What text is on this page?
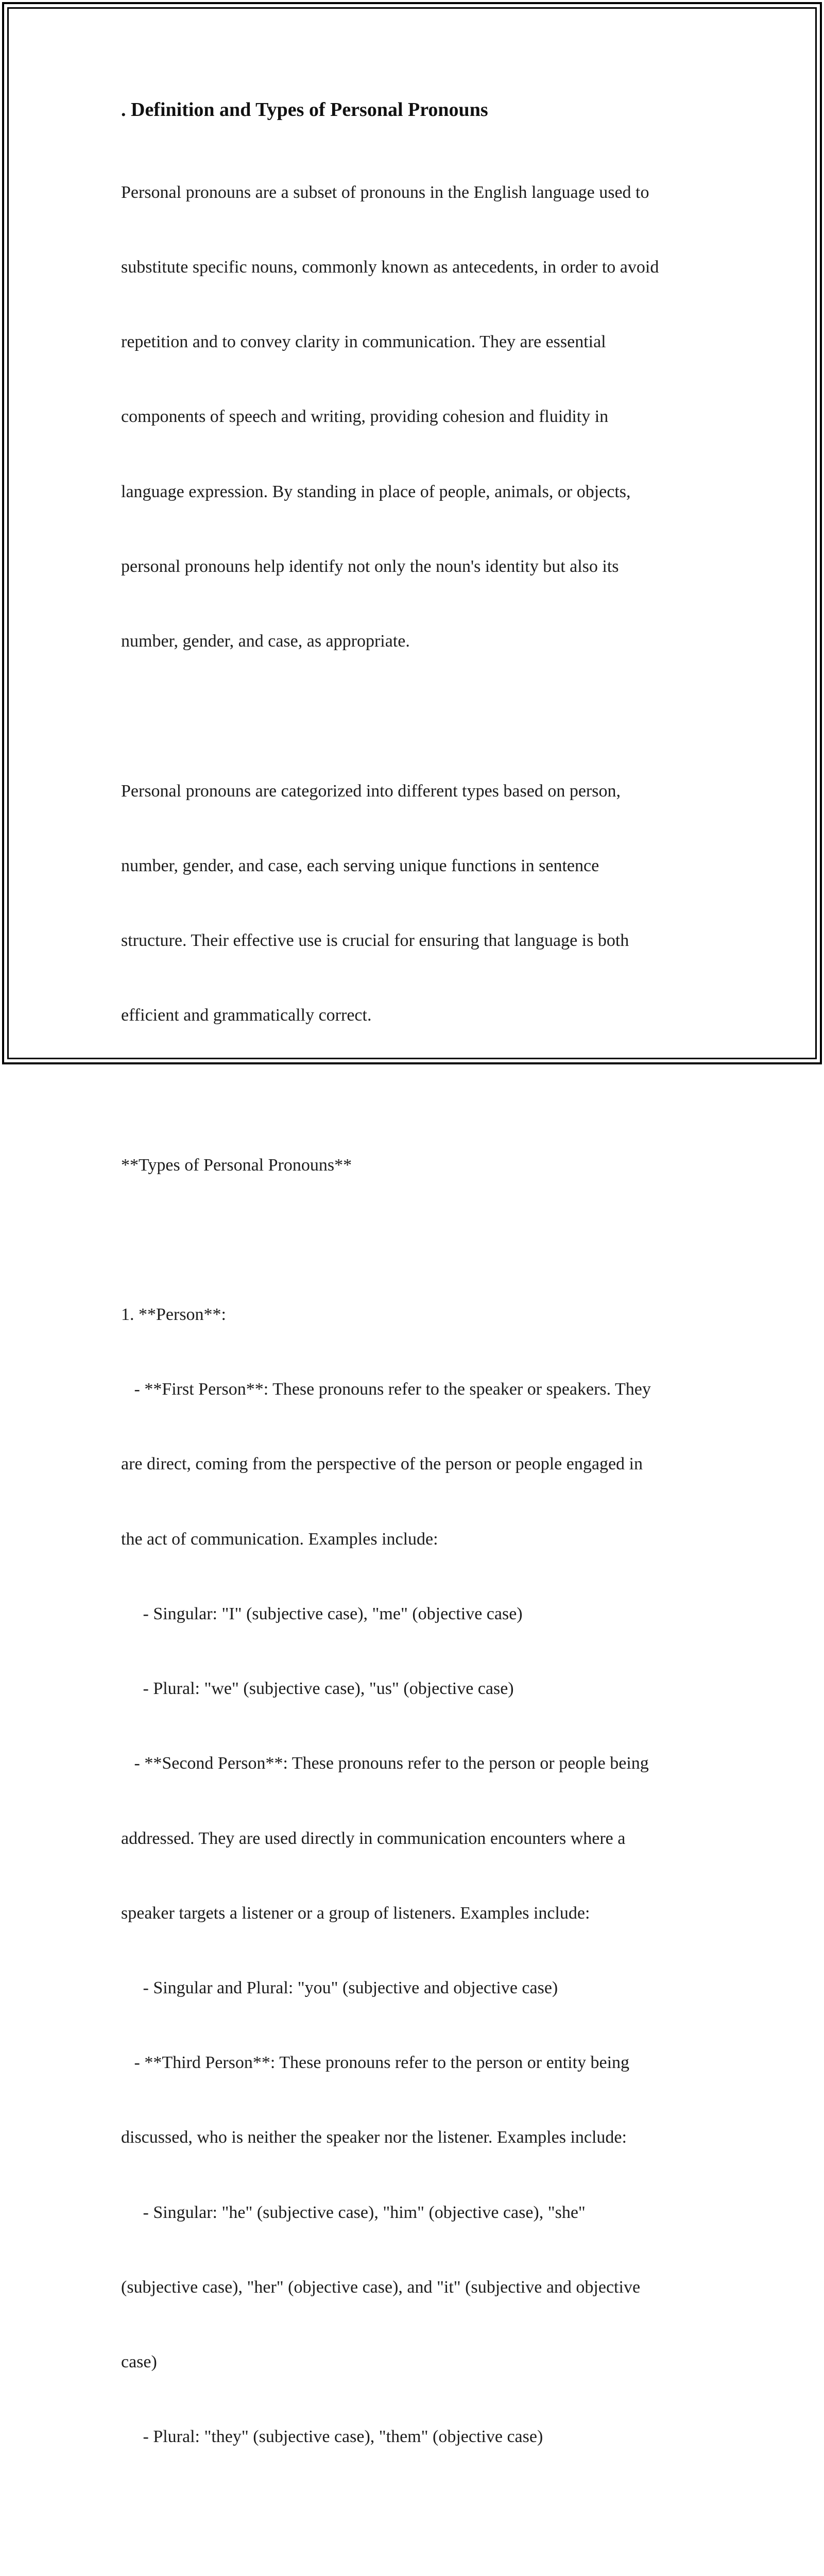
. Definition and Types of Personal Pronouns

Personal pronouns are a subset of pronouns in the English language used to

substitute specific nouns, commonly known as antecedents, in order to avoid

repetition and to convey clarity in communication. They are essential

components of speech and writing, providing cohesion and fluidity in

language expression. By standing in place of people, animals, or objects,

personal pronouns help identify not only the noun's identity but also its

number, gender, and case, as appropriate.

Personal pronouns are categorized into different types based on person,

number, gender, and case, each serving unique functions in sentence

structure. Their effective use is crucial for ensuring that language is both

efficient and grammatically correct.

**Types of Personal Pronouns**

1. **Person**:

- **First Person**: These pronouns refer to the speaker or speakers. They

are direct, coming from the perspective of the person or people engaged in

the act of communication. Examples include:

- Singular: "I" (subjective case), "me" (objective case)

- Plural: "we" (subjective case), "us" (objective case)

- **Second Person**: These pronouns refer to the person or people being

addressed. They are used directly in communication encounters where a

speaker targets a listener or a group of listeners. Examples include:

- Singular and Plural: "you" (subjective and objective case)

- **Third Person**: These pronouns refer to the person or entity being

discussed, who is neither the speaker nor the listener. Examples include:

- Singular: "he" (subjective case), "him" (objective case), "she"

(subjective case), "her" (objective case), and "it" (subjective and objective

case)

- Plural: "they" (subjective case), "them" (objective case)
